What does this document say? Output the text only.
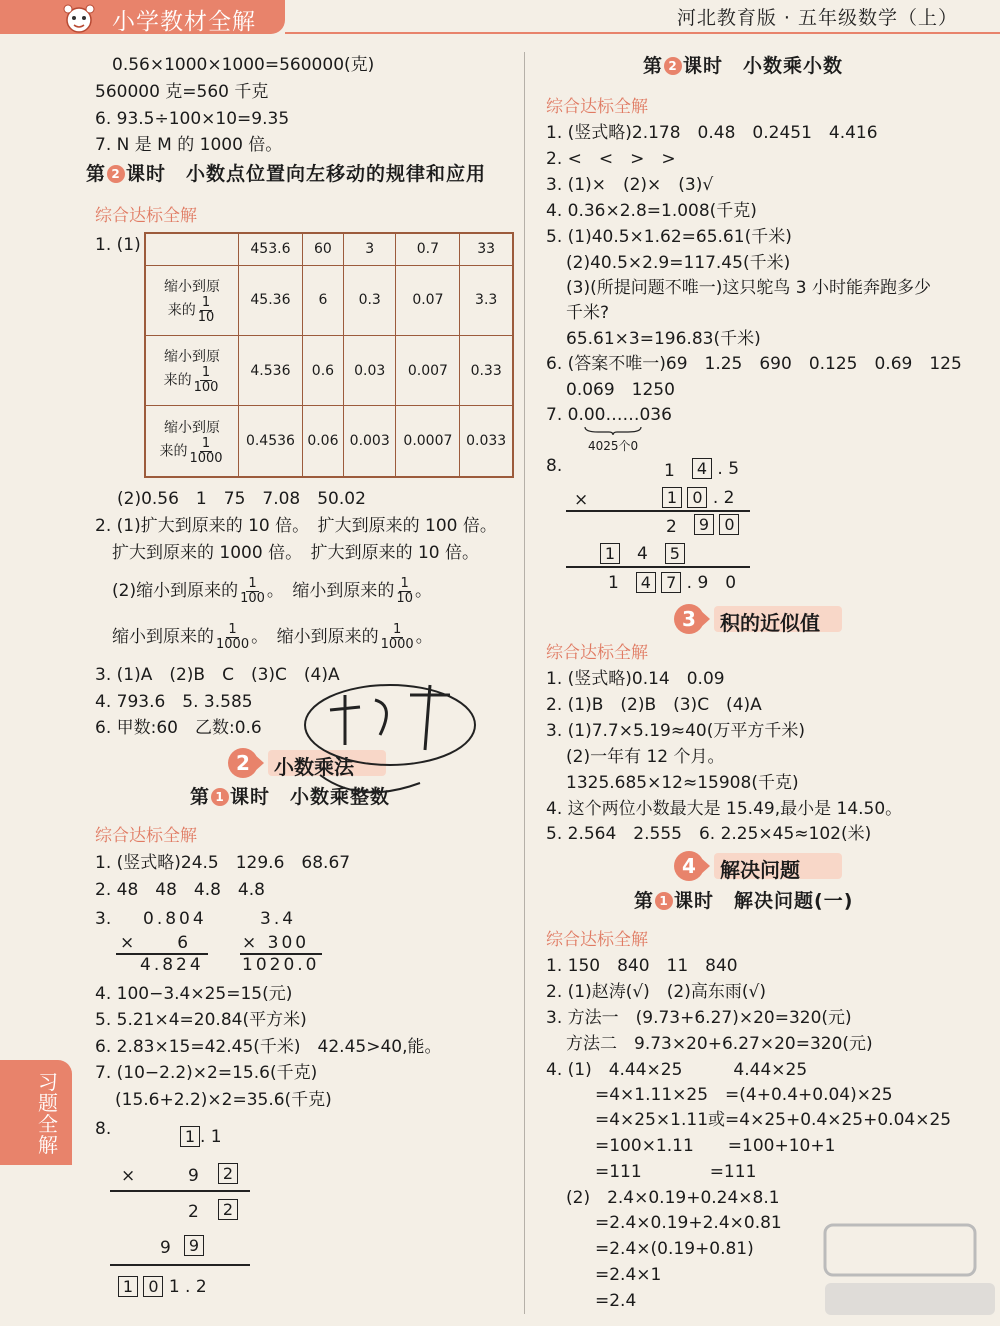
小学教材全解	河北教育版 · 五年级数学（上）
习题全解
0.56×1000×1000=560000(克)
560000 克=560 千克
6. 93.5÷100×10=9.35
7. N 是 M 的 1000 倍。
第 2 课时　小数点位置向左移动的规律和应用
综合达标全解
1. (1)
		453.6	60	3	0.7	33

缩小到原
来的 $\frac{1}{10}$	45.36	6	0.3	0.07	3.3

缩小到原
来的 $\frac{1}{100}$	4.536	0.6	0.03	0.007	0.33

缩小到原
来的 $\frac{1}{1000}$	0.4536	0.06	0.003	0.0007	0.033
(2)0.56　1　75　7.08　50.02
2. (1)扩大到原来的 10 倍。　扩大到原来的 100 倍。
扩大到原来的 1000 倍。　扩大到原来的 10 倍。
(2)缩小到原来的 $\frac{1}{100}$ 。　缩小到原来的 $\frac{1}{10}$ 。
缩小到原来的 $\frac{1}{1000}$ 。　缩小到原来的 $\frac{1}{1000}$ 。
3. (1)A　(2)B　C　(3)C　(4)A
4. 793.6　5. 3.585
6. 甲数:60　乙数:0.6
2	小数乘法
第 1 课时　小数乘整数
综合达标全解
1. (竖式略)24.5　129.6　68.67
2. 48　48　4.8　4.8
3. 0.804
×　　6
4.824
3.4
× 300
1020.0
4. 100−3.4×25=15(元)
5. 5.21×4=20.84(平方米)
6. 2.83×15=42.45(千米)　42.45>40,能。
7. (10−2.2)×2=15.6(千克)
(15.6+2.2)×2=35.6(千克)
8.	1 . 1
×	9	2
2	2
9	9
1 0 1 . 2
第 2 课时　小数乘小数
综合达标全解
1. (竖式略)2.178　0.48　0.2451　4.416
2. <　<　>　>
3. (1)×　(2)×　(3)√
4. 0.36×2.8=1.008(千克)
5. (1)40.5×1.62=65.61(千米)
(2)40.5×2.9=117.45(千米)
(3)(所提问题不唯一)这只鸵鸟 3 小时能奔跑多少
千米?
65.61×3=196.83(千米)
6. (答案不唯一)69　1.25　690　0.125　0.69　125
0.069　1250
7. 0.00……036
4025个0
8.	1	4 . 5
×	1 0 . 2
2	9 0
1　 4　 5
1　 4 7 . 9　0
3	积的近似值
综合达标全解
1. (竖式略)0.14　0.09
2. (1)B　(2)B　(3)C　(4)A
3. (1)7.7×5.19≈40(万平方千米)
(2)一年有 12 个月。
1325.685×12≈15908(千克)
4. 这个两位小数最大是 15.49,最小是 14.50。
5. 2.564　2.555　6. 2.25×45≈102(米)
4	解决问题
第 1 课时　解决问题(一)
综合达标全解
1. 150　840　11　840
2. (1)赵涛(√)　(2)高东雨(√)
3. 方法一　(9.73+6.27)×20=320(元)
方法二　9.73×20+6.27×20=320(元)
4. (1)　4.44×25　　　4.44×25
=4×1.11×25　=(4+0.4+0.04)×25
=4×25×1.11或=4×25+0.4×25+0.04×25
=100×1.11　　=100+10+1
=111　　　　=111
(2)　2.4×0.19+0.24×8.1
=2.4×0.19+2.4×0.81
=2.4×(0.19+0.81)
=2.4×1
=2.4
